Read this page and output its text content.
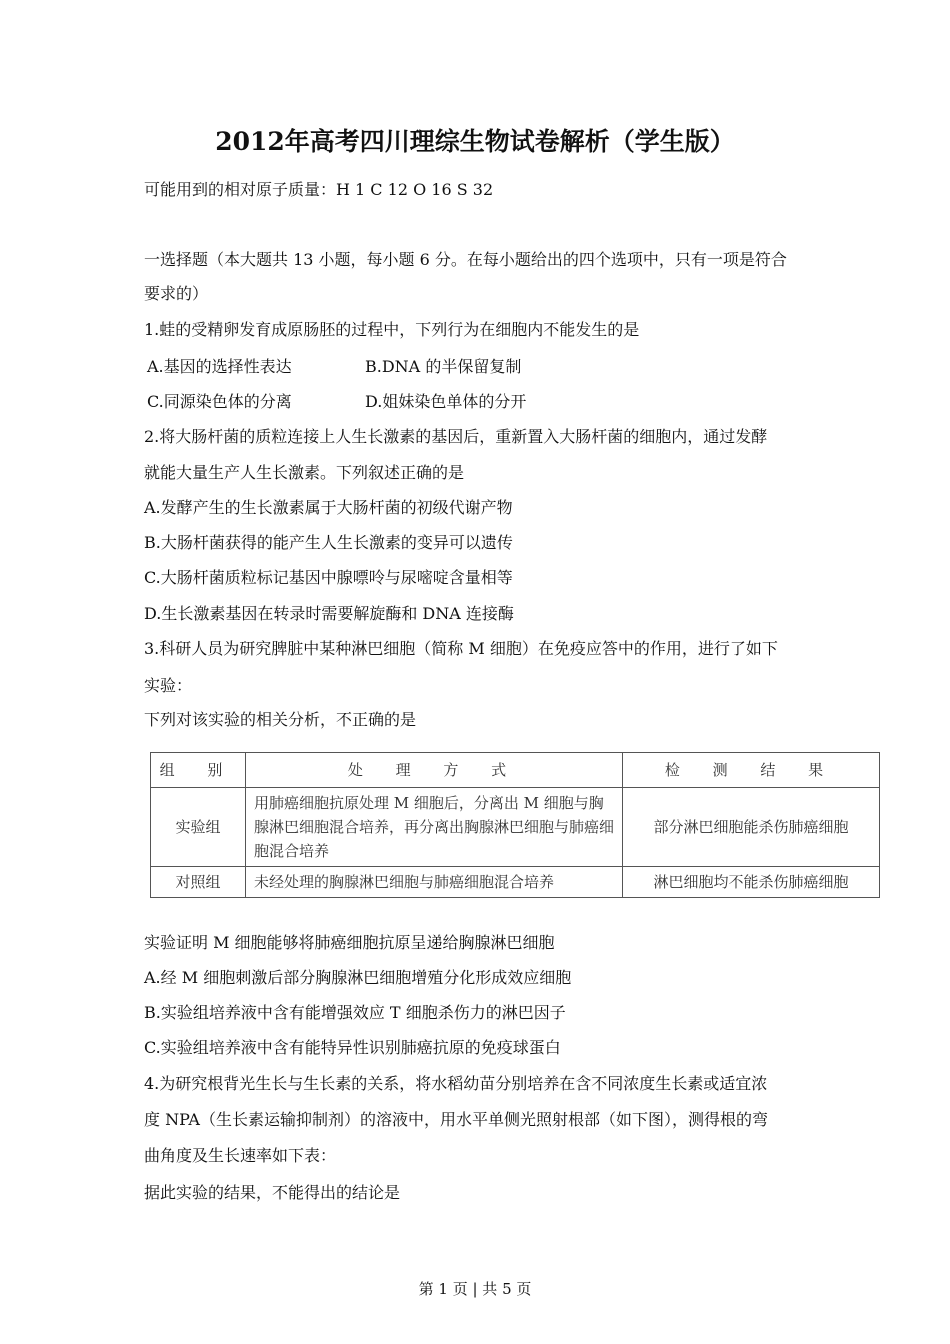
2012年高考四川理综生物试卷解析（学生版）
可能用到的相对原子质量：H 1 C 12 O 16 S 32
一选择题（本大题共 13 小题，每小题 6 分。在每小题给出的四个选项中，只有一项是符合
要求的）
1.蛙的受精卵发育成原肠胚的过程中，下列行为在细胞内不能发生的是
A.基因的选择性表达	B.DNA 的半保留复制
C.同源染色体的分离	D.姐妹染色单体的分开
2.将大肠杆菌的质粒连接上人生长激素的基因后，重新置入大肠杆菌的细胞内，通过发酵
就能大量生产人生长激素。下列叙述正确的是
A.发酵产生的生长激素属于大肠杆菌的初级代谢产物
B.大肠杆菌获得的能产生人生长激素的变异可以遗传
C.大肠杆菌质粒标记基因中腺嘌呤与尿嘧啶含量相等
D.生长激素基因在转录时需要解旋酶和 DNA 连接酶
3.科研人员为研究脾脏中某种淋巴细胞（简称 M 细胞）在免疫应答中的作用，进行了如下
实验：
下列对该实验的相关分析，不正确的是
组 别	处 理 方 式	检 测 结 果
实验组	用肺癌细胞抗原处理 M 细胞后，分离出 M 细胞与胸腺淋巴细胞混合培养，再分离出胸腺淋巴细胞与肺癌细胞混合培养	部分淋巴细胞能杀伤肺癌细胞
对照组	未经处理的胸腺淋巴细胞与肺癌细胞混合培养	淋巴细胞均不能杀伤肺癌细胞
实验证明 M 细胞能够将肺癌细胞抗原呈递给胸腺淋巴细胞
A.经 M 细胞刺激后部分胸腺淋巴细胞增殖分化形成效应细胞
B.实验组培养液中含有能增强效应 T 细胞杀伤力的淋巴因子
C.实验组培养液中含有能特异性识别肺癌抗原的免疫球蛋白
4.为研究根背光生长与生长素的关系，将水稻幼苗分别培养在含不同浓度生长素或适宜浓
度 NPA（生长素运输抑制剂）的溶液中，用水平单侧光照射根部（如下图），测得根的弯
曲角度及生长速率如下表：
据此实验的结果，不能得出的结论是
第 1 页 | 共 5 页
